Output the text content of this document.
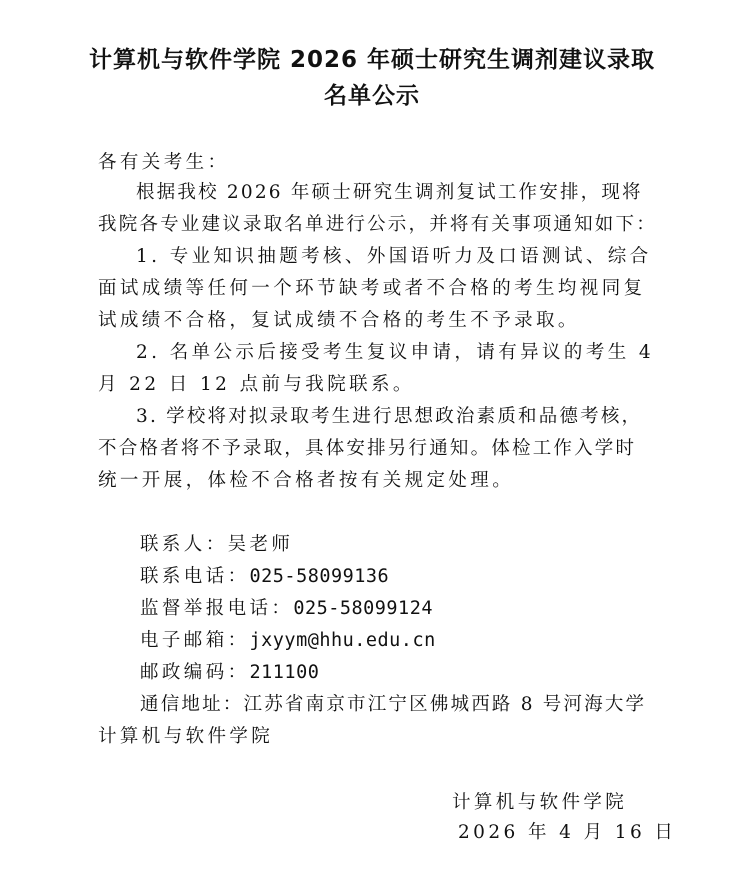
计算机与软件学院 2026 年硕士研究生调剂建议录取
名单公示
各有关考生：
根据我校 2026 年硕士研究生调剂复试工作安排，现将
我院各专业建议录取名单进行公示，并将有关事项通知如下：
1. 专业知识抽题考核、外国语听力及口语测试、综合
面试成绩等任何一个环节缺考或者不合格的考生均视同复
试成绩不合格，复试成绩不合格的考生不予录取。
2. 名单公示后接受考生复议申请，请有异议的考生 4
月 22 日 12 点前与我院联系。
3. 学校将对拟录取考生进行思想政治素质和品德考核，
不合格者将不予录取，具体安排另行通知。体检工作入学时
统一开展，体检不合格者按有关规定处理。
联系人：吴老师
联系电话：025-58099136
监督举报电话：025-58099124
电子邮箱：jxyym@hhu.edu.cn
邮政编码：211100
通信地址：江苏省南京市江宁区佛城西路 8 号河海大学
计算机与软件学院
计算机与软件学院
2026 年 4 月 16 日
